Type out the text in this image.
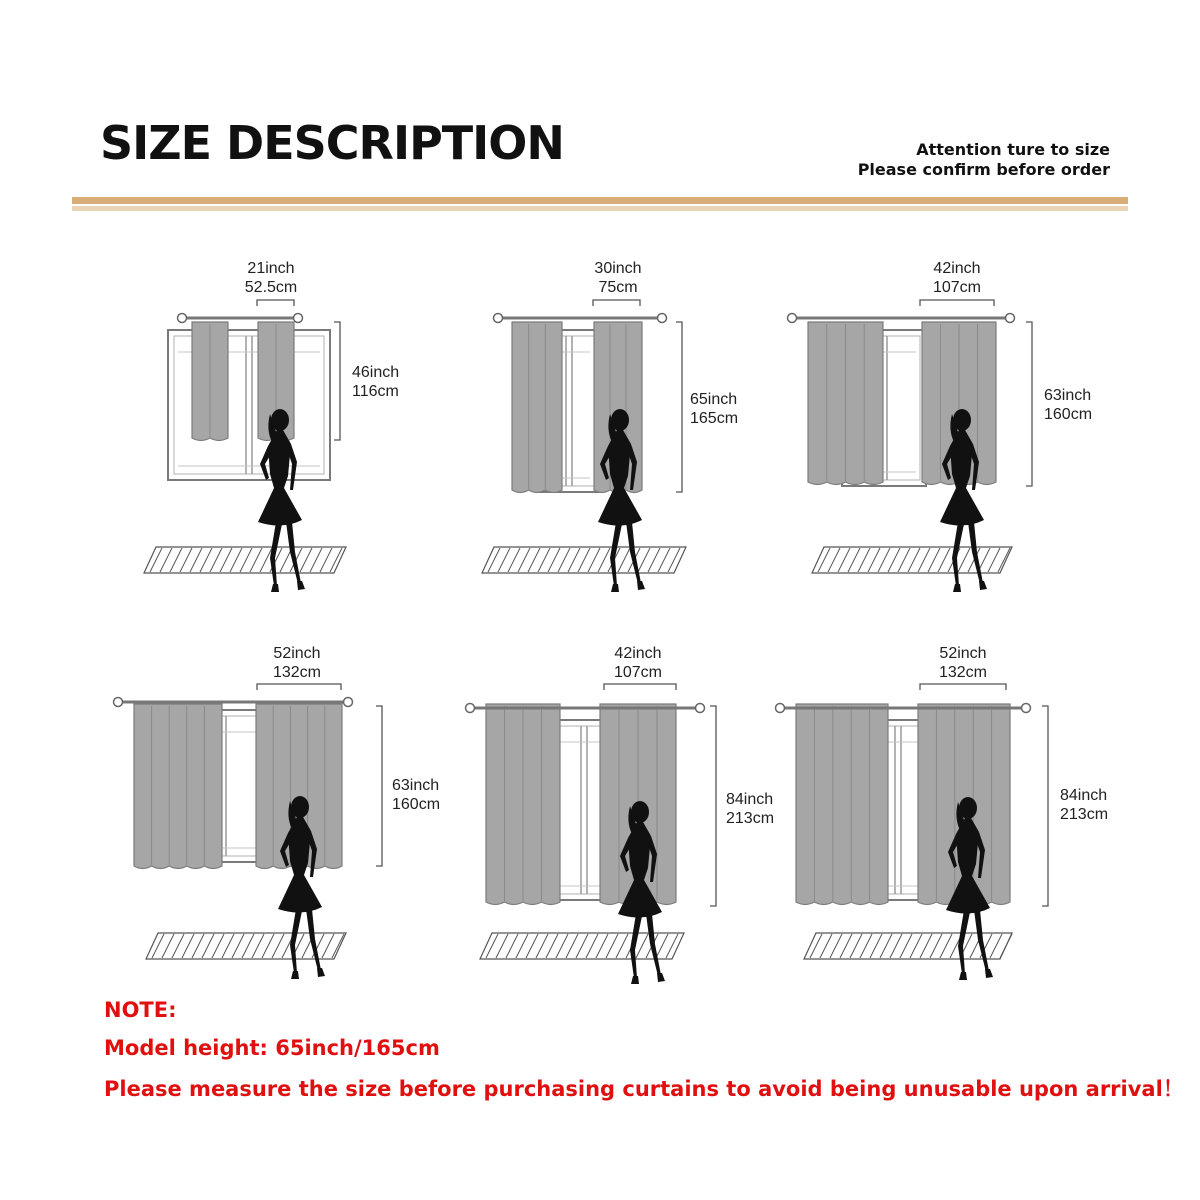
SIZE DESCRIPTION	Attention ture to size
Please confirm before order
21inch
52.5cm
46inch
116cm
30inch
75cm
65inch
165cm
42inch
107cm
63inch
160cm
52inch
132cm
63inch
160cm
42inch
107cm
84inch
213cm
52inch
132cm
84inch
213cm
NOTE:
Model height: 65inch/165cm
Please measure the size before purchasing curtains to avoid being unusable upon arrival！
